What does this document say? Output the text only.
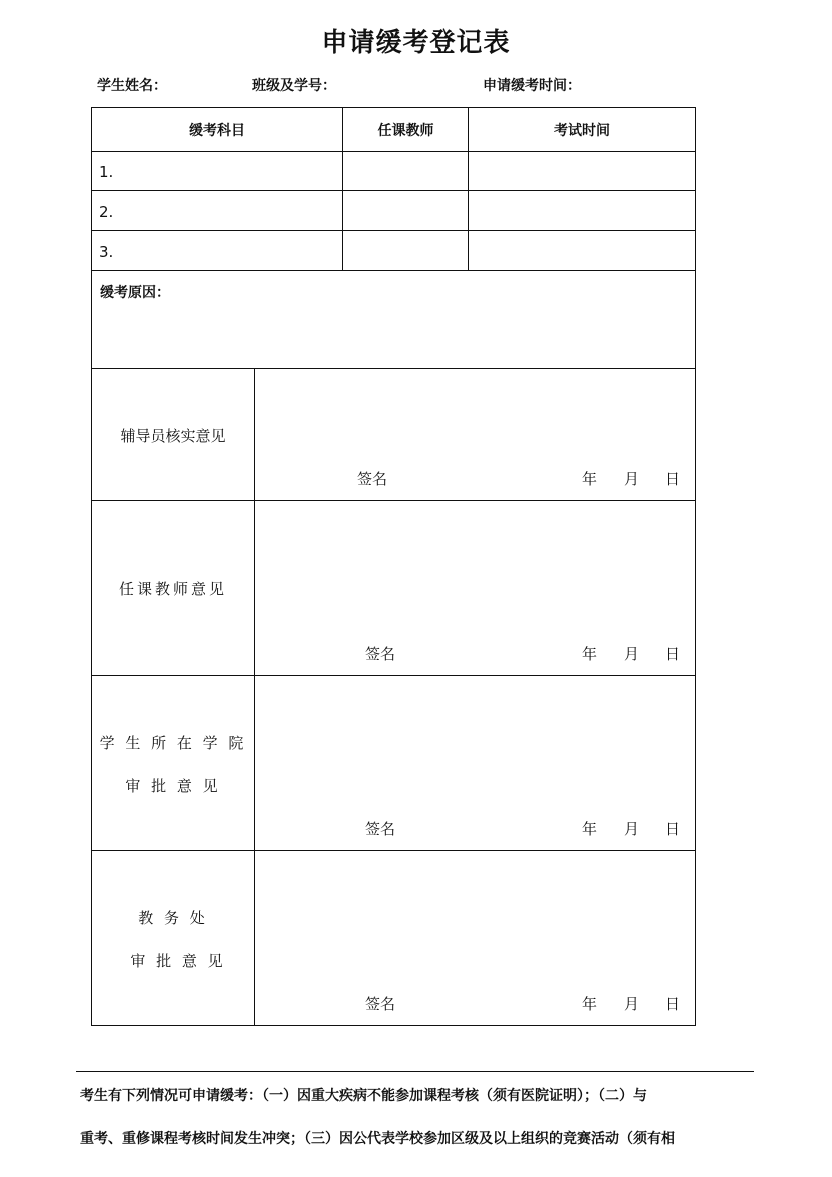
申请缓考登记表
学生姓名：	班级及学号：	申请缓考时间：
缓考科目	任课教师	考试时间
1.
2.
3.
缓考原因：
辅导员核实意见
签名	年 月 日
任课教师意见
签名	年 月 日
学 生 所 在 学 院
审 批 意 见
签名	年 月 日
教 务 处
审 批 意 见
签名	年 月 日
考生有下列情况可申请缓考：（一）因重大疾病不能参加课程考核（须有医院证明）；（二）与
重考、重修课程考核时间发生冲突；（三）因公代表学校参加区级及以上组织的竞赛活动（须有相
